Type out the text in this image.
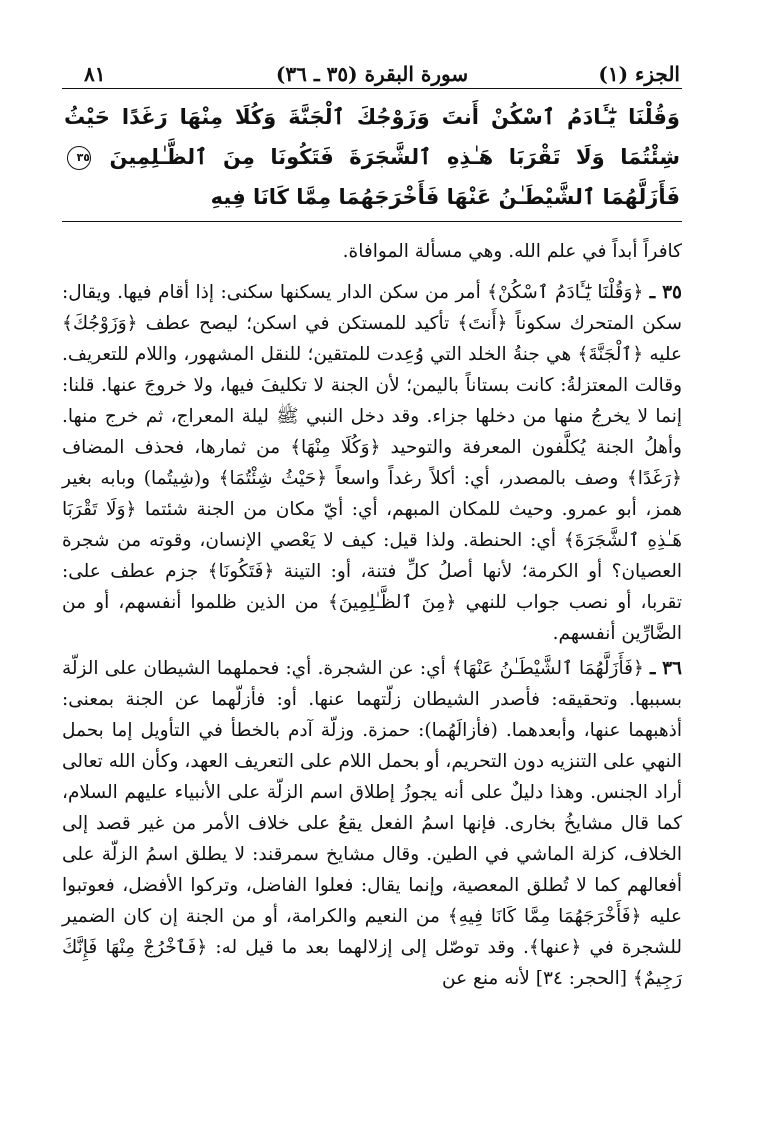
الجزء (١)
سورة البقرة (٣٥ ـ ٣٦)
٨١
وَقُلْنَا يَٰٓـَٔادَمُ ٱسْكُنْ أَنتَ وَزَوْجُكَ ٱلْجَنَّةَ وَكُلَا مِنْهَا رَغَدًا حَيْثُ شِئْتُمَا وَلَا تَقْرَبَا هَـٰذِهِ ٱلشَّجَرَةَ فَتَكُونَا مِنَ ٱلظَّـٰلِمِينَ ٣٥ فَأَزَلَّهُمَا ٱلشَّيْطَـٰنُ عَنْهَا فَأَخْرَجَهُمَا مِمَّا كَانَا فِيهِ

كافراً أبداً في علم الله. وهي مسألة الموافاة.

٣٥ ـ ﴿وَقُلْنَا يَٰٓـَٔادَمُ ٱسْكُنْ﴾ أمر من سكن الدار يسكنها سكنى: إذا أقام فيها. ويقال: سكن المتحرك سكوناً ﴿أَنتَ﴾ تأكيد للمستكن في اسكن؛ ليصح عطف ﴿وَزَوْجُكَ﴾ عليه ﴿ٱلْجَنَّةَ﴾ هي جنةُ الخلد التي وُعِدت للمتقين؛ للنقل المشهور، واللام للتعريف. وقالت المعتزلةُ: كانت بستاناً باليمن؛ لأن الجنة لا تكليفَ فيها، ولا خروجَ عنها. قلنا: إنما لا يخرجُ منها من دخلها جزاء. وقد دخل النبي ﷺ ليلة المعراج، ثم خرج منها. وأهلُ الجنة يُكلَّفون المعرفة والتوحيد ﴿وَكُلَا مِنْهَا﴾ من ثمارها، فحذف المضاف ﴿رَغَدًا﴾ وصف بالمصدر، أي: أكلاً رغداً واسعاً ﴿حَيْثُ شِئْتُمَا﴾ و(شِيتُما) وبابه بغير همز، أبو عمرو. وحيث للمكان المبهم، أي: أيّ مكان من الجنة شئتما ﴿وَلَا تَقْرَبَا هَـٰذِهِ ٱلشَّجَرَةَ﴾ أي: الحنطة. ولذا قيل: كيف لا يَعْصي الإنسان، وقوته من شجرة العصيان؟ أو الكرمة؛ لأنها أصلُ كلِّ فتنة، أو: التينة ﴿فَتَكُونَا﴾ جزم عطف على: تقربا، أو نصب جواب للنهي ﴿مِنَ ٱلظَّـٰلِمِينَ﴾ من الذين ظلموا أنفسهم، أو من الضَّارِّين أنفسهم.

٣٦ ـ ﴿فَأَزَلَّهُمَا ٱلشَّيْطَـٰنُ عَنْهَا﴾ أي: عن الشجرة. أي: فحملهما الشيطان على الزلّة بسببها. وتحقيقه: فأصدر الشيطان زلّتهما عنها. أو: فأزلّهما عن الجنة بمعنى: أذهبهما عنها، وأبعدهما. (فأزالَهُما): حمزة. وزلّة آدم بالخطأ في التأويل إما بحمل النهي على التنزيه دون التحريم، أو بحمل اللام على التعريف العهد، وكأن الله تعالى أراد الجنس. وهذا دليلٌ على أنه يجوزُ إطلاق اسم الزلّة على الأنبياء عليهم السلام، كما قال مشايخُ بخارى. فإنها اسمُ الفعل يقعُ على خلاف الأمر من غير قصد إلى الخلاف، كزلة الماشي في الطين. وقال مشايخ سمرقند: لا يطلق اسمُ الزلّة على أفعالهم كما لا تُطلق المعصية، وإنما يقال: فعلوا الفاضل، وتركوا الأفضل، فعوتبوا عليه ﴿فَأَخْرَجَهُمَا مِمَّا كَانَا فِيهِ﴾ من النعيم والكرامة، أو من الجنة إن كان الضمير للشجرة في ﴿عنها﴾. وقد توصّل إلى إزلالهما بعد ما قيل له: ﴿فَٱخْرُجْ مِنْهَا فَإِنَّكَ رَجِيمٌ﴾ [الحجر: ٣٤] لأنه منع عن
